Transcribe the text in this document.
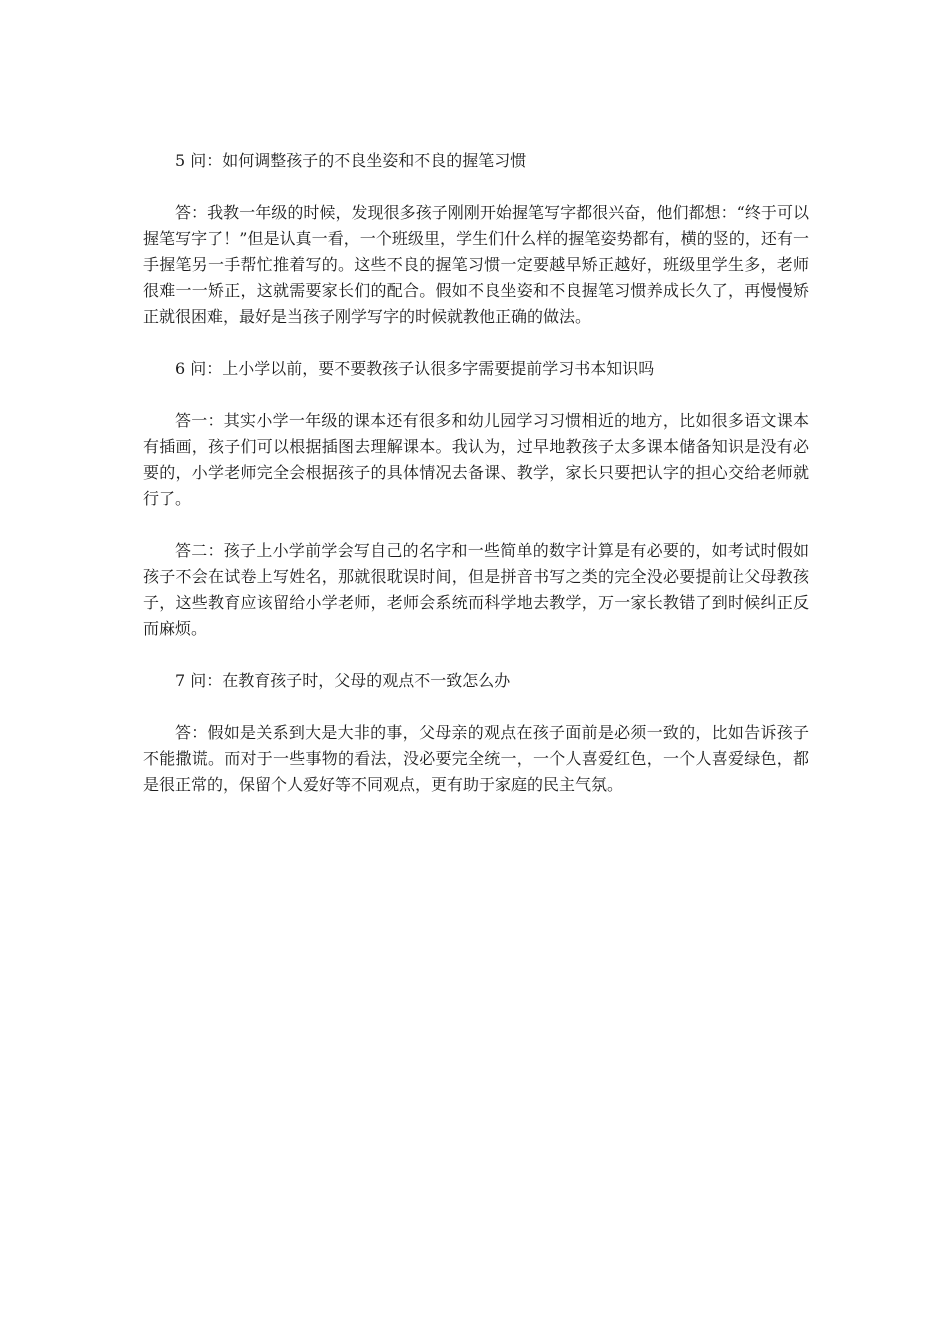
5 问：如何调整孩子的不良坐姿和不良的握笔习惯

答：我教一年级的时候，发现很多孩子刚刚开始握笔写字都很兴奋，他们都想：“终于可以握笔写字了！”但是认真一看，一个班级里，学生们什么样的握笔姿势都有，横的竖的，还有一手握笔另一手帮忙推着写的。这些不良的握笔习惯一定要越早矫正越好，班级里学生多，老师很难一一矫正，这就需要家长们的配合。假如不良坐姿和不良握笔习惯养成长久了，再慢慢矫正就很困难，最好是当孩子刚学写字的时候就教他正确的做法。

6 问：上小学以前，要不要教孩子认很多字需要提前学习书本知识吗

答一：其实小学一年级的课本还有很多和幼儿园学习习惯相近的地方，比如很多语文课本有插画，孩子们可以根据插图去理解课本。我认为，过早地教孩子太多课本储备知识是没有必要的，小学老师完全会根据孩子的具体情况去备课、教学，家长只要把认字的担心交给老师就行了。

答二：孩子上小学前学会写自己的名字和一些简单的数字计算是有必要的，如考试时假如孩子不会在试卷上写姓名，那就很耽误时间，但是拼音书写之类的完全没必要提前让父母教孩子，这些教育应该留给小学老师，老师会系统而科学地去教学，万一家长教错了到时候纠正反而麻烦。

7 问：在教育孩子时，父母的观点不一致怎么办

答：假如是关系到大是大非的事，父母亲的观点在孩子面前是必须一致的，比如告诉孩子不能撒谎。而对于一些事物的看法，没必要完全统一，一个人喜爱红色，一个人喜爱绿色，都是很正常的，保留个人爱好等不同观点，更有助于家庭的民主气氛。
